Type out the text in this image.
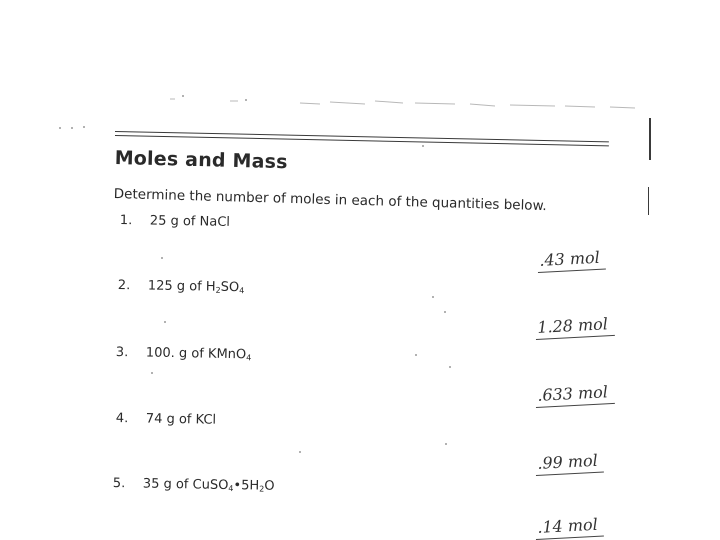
Moles and Mass
Determine the number of moles in each of the quantities below.
1. 25 g of NaCl
.43 mol
2. 125 g of $H_2SO_4$
1.28 mol
3. 100. g of KMnO$_4$
.633 mol
4. 74 g of KCl
.99 mol
5. 35 g of $CuSO_4•5H_2O$
.14 mol
